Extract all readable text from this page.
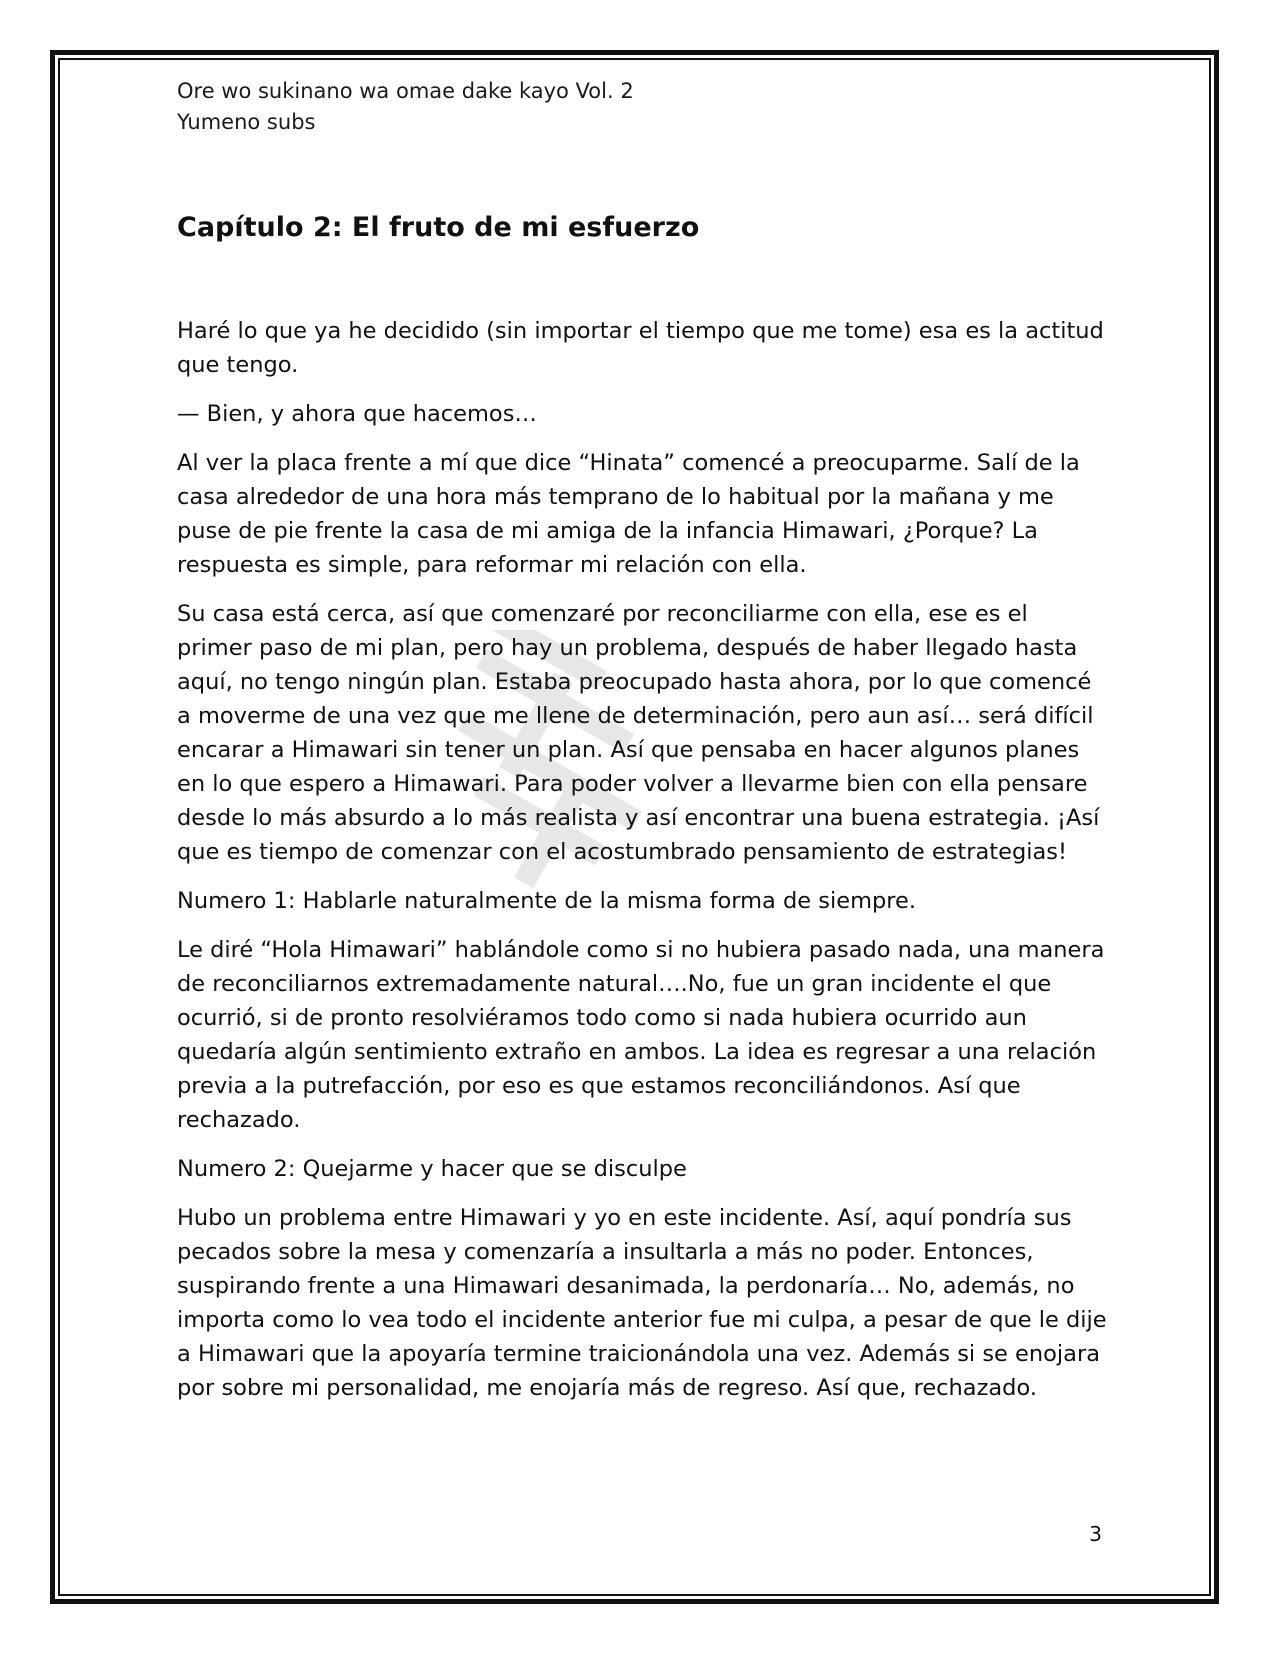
Ore wo sukinano wa omae dake kayo Vol. 2
Yumeno subs
Capítulo 2: El fruto de mi esfuerzo

Haré lo que ya he decidido (sin importar el tiempo que me tome) esa es la actitud que tengo.

— Bien, y ahora que hacemos…

Al ver la placa frente a mí que dice “Hinata” comencé a preocuparme. Salí de la casa alrededor de una hora más temprano de lo habitual por la mañana y me puse de pie frente la casa de mi amiga de la infancia Himawari, ¿Porque? La respuesta es simple, para reformar mi relación con ella.

Su casa está cerca, así que comenzaré por reconciliarme con ella, ese es el primer paso de mi plan, pero hay un problema, después de haber llegado hasta aquí, no tengo ningún plan. Estaba preocupado hasta ahora, por lo que comencé a moverme de una vez que me llene de determinación, pero aun así… será difícil encarar a Himawari sin tener un plan. Así que pensaba en hacer algunos planes en lo que espero a Himawari. Para poder volver a llevarme bien con ella pensare desde lo más absurdo a lo más realista y así encontrar una buena estrategia. ¡Así que es tiempo de comenzar con el acostumbrado pensamiento de estrategias!

Numero 1: Hablarle naturalmente de la misma forma de siempre.

Le diré “Hola Himawari” hablándole como si no hubiera pasado nada, una manera de reconciliarnos extremadamente natural….No, fue un gran incidente el que ocurrió, si de pronto resolviéramos todo como si nada hubiera ocurrido aun quedaría algún sentimiento extraño en ambos. La idea es regresar a una relación previa a la putrefacción, por eso es que estamos reconciliándonos. Así que rechazado.

Numero 2: Quejarme y hacer que se disculpe

Hubo un problema entre Himawari y yo en este incidente. Así, aquí pondría sus pecados sobre la mesa y comenzaría a insultarla a más no poder. Entonces, suspirando frente a una Himawari desanimada, la perdonaría… No, además, no importa como lo vea todo el incidente anterior fue mi culpa, a pesar de que le dije a Himawari que la apoyaría termine traicionándola una vez. Además si se enojara por sobre mi personalidad, me enojaría más de regreso. Así que, rechazado.

3
